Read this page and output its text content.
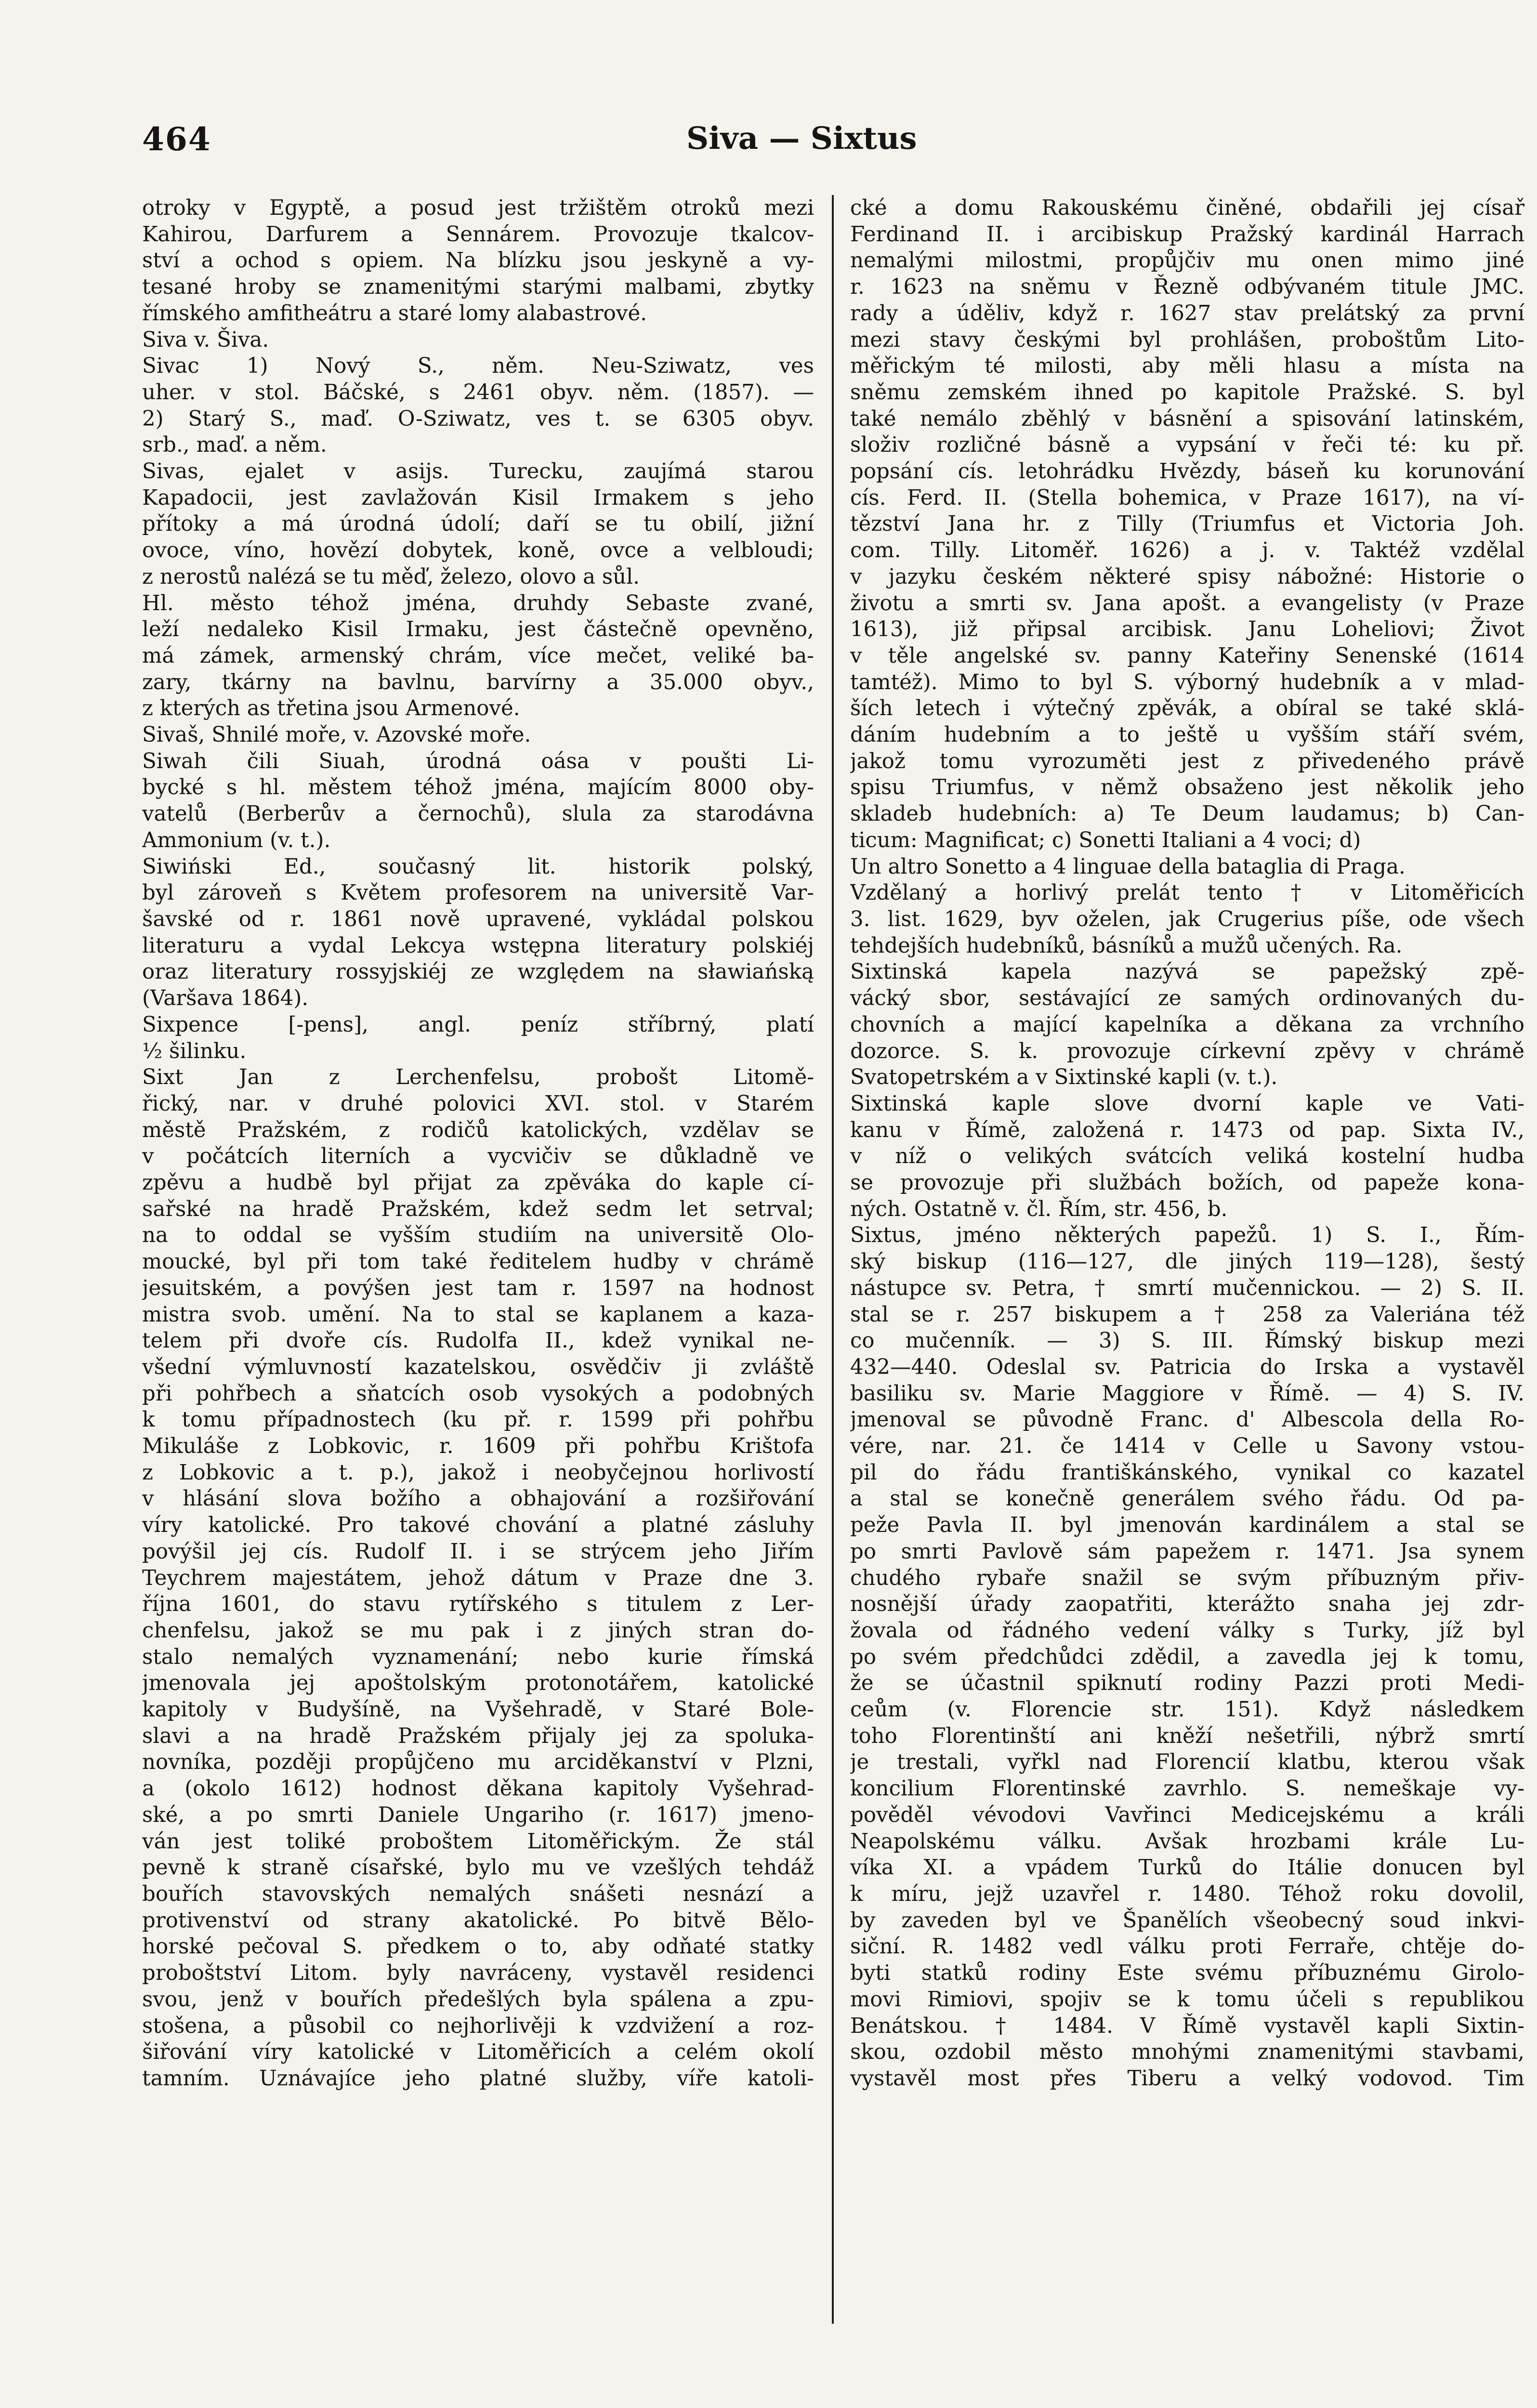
464	Siva — Sixtus
otroky v Egyptě, a posud jest tržištěm otroků mezi
Kahirou, Darfurem a Sennárem. Provozuje tkalcov-
ství a ochod s opiem. Na blízku jsou jeskyně a vy-
tesané hroby se znamenitými starými malbami, zbytky
římského amfitheátru a staré lomy alabastrové.
Siva v. Šiva.
Sivac 1) Nový S., něm. Neu-Sziwatz, ves
uher. v stol. Báčské, s 2461 obyv. něm. (1857). —
2) Starý S., maď. O-Sziwatz, ves t. se 6305 obyv.
srb., maď. a něm.
Sivas, ejalet v asijs. Turecku, zaujímá starou
Kapadocii, jest zavlažován Kisil Irmakem s jeho
přítoky a má úrodná údolí; daří se tu obilí, jižní
ovoce, víno, hovězí dobytek, koně, ovce a velbloudi;
z nerostů nalézá se tu měď, železo, olovo a sůl.
Hl. město téhož jména, druhdy Sebaste zvané,
leží nedaleko Kisil Irmaku, jest částečně opevněno,
má zámek, armenský chrám, více mečet, veliké ba-
zary, tkárny na bavlnu, barvírny a 35.000 obyv.,
z kterých as třetina jsou Armenové.
Sivaš, Shnilé moře, v. Azovské moře.
Siwah čili Siuah, úrodná oása v poušti Li-
bycké s hl. městem téhož jména, majícím 8000 oby-
vatelů (Berberův a černochů), slula za starodávna
Ammonium (v. t.).
Siwiński Ed., současný lit. historik polský,
byl zároveň s Květem profesorem na universitě Var-
šavské od r. 1861 nově upravené, vykládal polskou
literaturu a vydal Lekcya wstępna literatury polskiéj
oraz literatury rossyjskiéj ze względem na sławiańską
(Varšava 1864).
Sixpence [-pens], angl. peníz stříbrný, platí
½ šilinku.
Sixt Jan z Lerchenfelsu, probošt Litomě-
řický, nar. v druhé polovici XVI. stol. v Starém
městě Pražském, z rodičů katolických, vzdělav se
v počátcích literních a vycvičiv se důkladně ve
zpěvu a hudbě byl přijat za zpěváka do kaple cí-
sařské na hradě Pražském, kdež sedm let setrval;
na to oddal se vyšším studiím na universitě Olo-
moucké, byl při tom také ředitelem hudby v chrámě
jesuitském, a povýšen jest tam r. 1597 na hodnost
mistra svob. umění. Na to stal se kaplanem a kaza-
telem při dvoře cís. Rudolfa II., kdež vynikal ne-
všední výmluvností kazatelskou, osvědčiv ji zvláště
při pohřbech a sňatcích osob vysokých a podobných
k tomu případnostech (ku př. r. 1599 při pohřbu
Mikuláše z Lobkovic, r. 1609 při pohřbu Krištofa
z Lobkovic a t. p.), jakož i neobyčejnou horlivostí
v hlásání slova božího a obhajování a rozšiřování
víry katolické. Pro takové chování a platné zásluhy
povýšil jej cís. Rudolf II. i se strýcem jeho Jiřím
Teychrem majestátem, jehož dátum v Praze dne 3.
října 1601, do stavu rytířského s titulem z Ler-
chenfelsu, jakož se mu pak i z jiných stran do-
stalo nemalých vyznamenání; nebo kurie římská
jmenovala jej apoštolským protonotářem, katolické
kapitoly v Budyšíně, na Vyšehradě, v Staré Bole-
slavi a na hradě Pražském přijaly jej za spoluka-
novníka, později propůjčeno mu arciděkanství v Plzni,
a (okolo 1612) hodnost děkana kapitoly Vyšehrad-
ské, a po smrti Daniele Ungariho (r. 1617) jmeno-
ván jest toliké proboštem Litoměřickým. Že stál
pevně k straně císařské, bylo mu ve vzešlých tehdáž
bouřích stavovských nemalých snášeti nesnází a
protivenství od strany akatolické. Po bitvě Bělo-
horské pečoval S. předkem o to, aby odňaté statky
proboštství Litom. byly navráceny, vystavěl residenci
svou, jenž v bouřích předešlých byla spálena a zpu-
stošena, a působil co nejhorlivěji k vzdvižení a roz-
šiřování víry katolické v Litoměřicích a celém okolí
tamním. Uznávajíce jeho platné služby, víře katoli-
cké a domu Rakouskému činěné, obdařili jej císař
Ferdinand II. i arcibiskup Pražský kardinál Harrach
nemalými milostmi, propůjčiv mu onen mimo jiné
r. 1623 na sněmu v Řezně odbývaném titule JMC.
rady a úděliv, když r. 1627 stav prelátský za první
mezi stavy českými byl prohlášen, proboštům Lito-
měřickým té milosti, aby měli hlasu a místa na
sněmu zemském ihned po kapitole Pražské. S. byl
také nemálo zběhlý v básnění a spisování latinském,
složiv rozličné básně a vypsání v řeči té: ku př.
popsání cís. letohrádku Hvězdy, báseň ku korunování
cís. Ferd. II. (Stella bohemica, v Praze 1617), na ví-
tězství Jana hr. z Tilly (Triumfus et Victoria Joh.
com. Tilly. Litoměř. 1626) a j. v. Taktéž vzdělal
v jazyku českém některé spisy nábožné: Historie o
životu a smrti sv. Jana apošt. a evangelisty (v Praze
1613), již připsal arcibisk. Janu Loheliovi; Život
v těle angelské sv. panny Kateřiny Senenské (1614
tamtéž). Mimo to byl S. výborný hudebník a v mlad-
ších letech i výtečný zpěvák, a obíral se také sklá-
dáním hudebním a to ještě u vyšším stáří svém,
jakož tomu vyrozuměti jest z přivedeného právě
spisu Triumfus, v němž obsaženo jest několik jeho
skladeb hudebních: a) Te Deum laudamus; b) Can-
ticum: Magnificat; c) Sonetti Italiani a 4 voci; d)
Un altro Sonetto a 4 linguae della bataglia di Praga.
Vzdělaný a horlivý prelát tento † v Litoměřicích
3. list. 1629, byv oželen, jak Crugerius píše, ode všech
tehdejších hudebníků, básníků a mužů učených. Ra.
Sixtinská kapela nazývá se papežský zpě-
vácký sbor, sestávající ze samých ordinovaných du-
chovních a mající kapelníka a děkana za vrchního
dozorce. S. k. provozuje církevní zpěvy v chrámě
Svatopetrském a v Sixtinské kapli (v. t.).
Sixtinská kaple slove dvorní kaple ve Vati-
kanu v Římě, založená r. 1473 od pap. Sixta IV.,
v níž o velikých svátcích veliká kostelní hudba
se provozuje při službách božích, od papeže kona-
ných. Ostatně v. čl. Řím, str. 456, b.
Sixtus, jméno některých papežů. 1) S. I., Řím-
ský biskup (116—127, dle jiných 119—128), šestý
nástupce sv. Petra, † smrtí mučennickou. — 2) S. II.
stal se r. 257 biskupem a † 258 za Valeriána též
co mučenník. — 3) S. III. Římský biskup mezi
432—440. Odeslal sv. Patricia do Irska a vystavěl
basiliku sv. Marie Maggiore v Římě. — 4) S. IV.
jmenoval se původně Franc. d' Albescola della Ro-
vére, nar. 21. če 1414 v Celle u Savony vstou-
pil do řádu františkánského, vynikal co kazatel
a stal se konečně generálem svého řádu. Od pa-
peže Pavla II. byl jmenován kardinálem a stal se
po smrti Pavlově sám papežem r. 1471. Jsa synem
chudého rybaře snažil se svým příbuzným přiv-
nosnější úřady zaopatřiti, kterážto snaha jej zdr-
žovala od řádného vedení války s Turky, jíž byl
po svém předchůdci zdědil, a zavedla jej k tomu,
že se účastnil spiknutí rodiny Pazzi proti Medi-
ceům (v. Florencie str. 151). Když následkem
toho Florentinští ani kněží nešetřili, nýbrž smrtí
je trestali, vyřkl nad Florencií klatbu, kterou však
koncilium Florentinské zavrhlo. S. nemeškaje vy-
pověděl vévodovi Vavřinci Medicejskému a králi
Neapolskému válku. Avšak hrozbami krále Lu-
víka XI. a vpádem Turků do Itálie donucen byl
k míru, jejž uzavřel r. 1480. Téhož roku dovolil,
by zaveden byl ve Španělích všeobecný soud inkvi-
siční. R. 1482 vedl válku proti Ferraře, chtěje do-
byti statků rodiny Este svému příbuznému Girolo-
movi Rimiovi, spojiv se k tomu účeli s republikou
Benátskou. † 1484. V Římě vystavěl kapli Sixtin-
skou, ozdobil město mnohými znamenitými stavbami,
vystavěl most přes Tiberu a velký vodovod. Tim
